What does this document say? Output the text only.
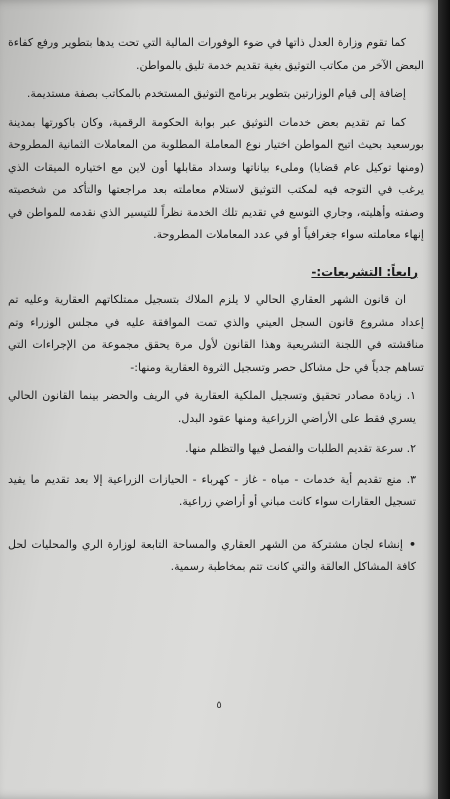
كما تقوم وزارة العدل ذاتها في ضوء الوفورات المالية التي تحت يدها بتطوير ورفع كفاءة البعض الآخر من مكاتب التوثيق بغية تقديم خدمة تليق بالمواطن.

إضافة إلى قيام الوزارتين بتطوير برنامج التوثيق المستخدم بالمكاتب بصفة مستديمة.

كما تم تقديم بعض خدمات التوثيق عبر بوابة الحكومة الرقمية، وكان باكورتها بمدينة بورسعيد بحيث اتيح المواطن اختيار نوع المعاملة المطلوبة من المعاملات الثمانية المطروحة (ومنها توكيل عام قضايا) وملىء بياناتها وسداد مقابلها أون لاين مع اختياره الميقات الذي يرغب في التوجه فيه لمكتب التوثيق لاستلام معاملته بعد مراجعتها والتأكد من شخصيته وصفته وأهليته، وجاري التوسع في تقديم تلك الخدمة نظراً للتيسير الذي نقدمه للمواطن في إنهاء معاملته سواء جغرافياً أو في عدد المعاملات المطروحة.

رابعاً: التشريعات:-

ان قانون الشهر العقاري الحالي لا يلزم الملاك بتسجيل ممتلكاتهم العقارية وعليه تم إعداد مشروع قانون السجل العيني والذي تمت الموافقة عليه في مجلس الوزراء وتم مناقشته في اللجنة التشريعية وهذا القانون لأول مرة يحقق مجموعة من الإجراءات التي تساهم جدياً في حل مشاكل حصر وتسجيل الثروة العقارية ومنها:-

١. زيادة مصادر تحقيق وتسجيل الملكية العقارية في الريف والحضر بينما القانون الحالي يسري فقط على الأراضي الزراعية ومنها عقود البدل.

٢. سرعة تقديم الطلبات والفصل فيها والتظلم منها.

٣. منع تقديم أية خدمات - مياه - غاز - كهرباء - الحيازات الزراعية إلا بعد تقديم ما يفيد تسجيل العقارات سواء كانت مباني أو أراضي زراعية.

•إنشاء لجان مشتركة من الشهر العقاري والمساحة التابعة لوزارة الري والمحليات لحل كافة المشاكل العالقة والتي كانت تتم بمخاطبة رسمية.

٥
